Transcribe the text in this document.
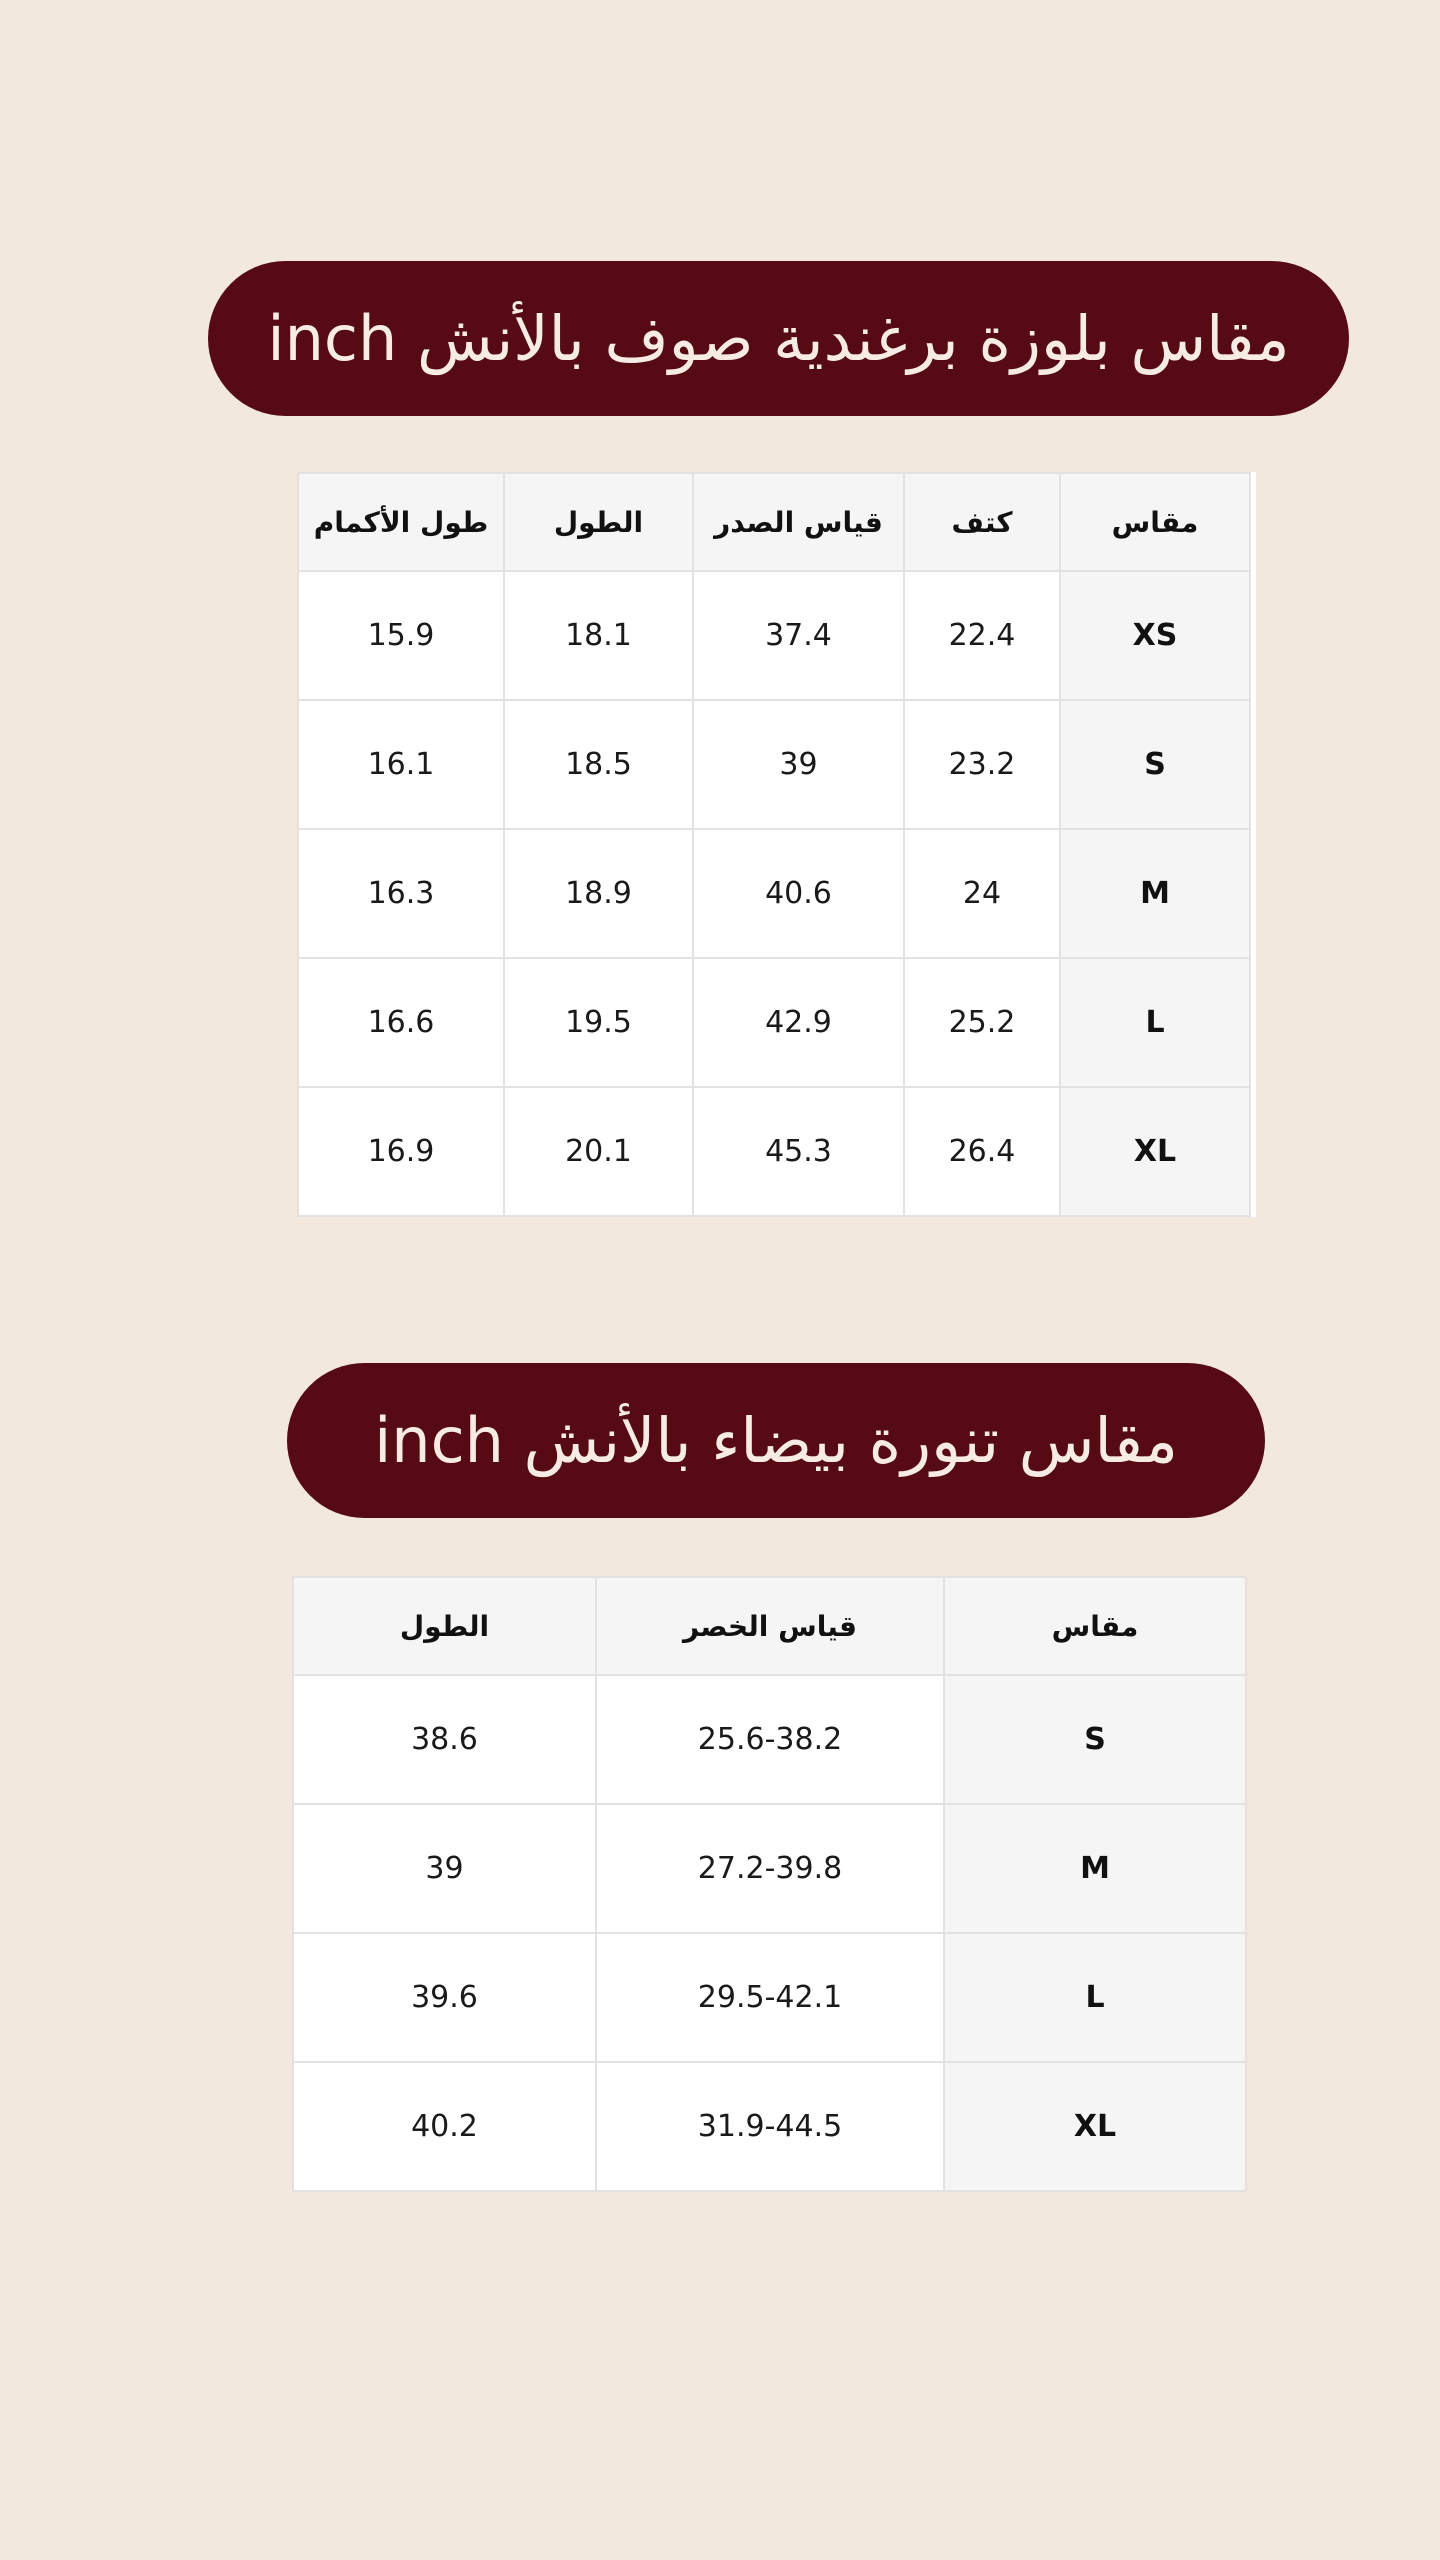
مقاس بلوزة برغندية صوف بالأنش inch
طول الأكمام	الطول	قياس الصدر	كتف	مقاس
15.9	18.1	37.4	22.4	XS
16.1	18.5	39	23.2	S
16.3	18.9	40.6	24	M
16.6	19.5	42.9	25.2	L
16.9	20.1	45.3	26.4	XL
مقاس تنورة بيضاء بالأنش inch
الطول	قياس الخصر	مقاس
38.6	25.6-38.2	S
39	27.2-39.8	M
39.6	29.5-42.1	L
40.2	31.9-44.5	XL
